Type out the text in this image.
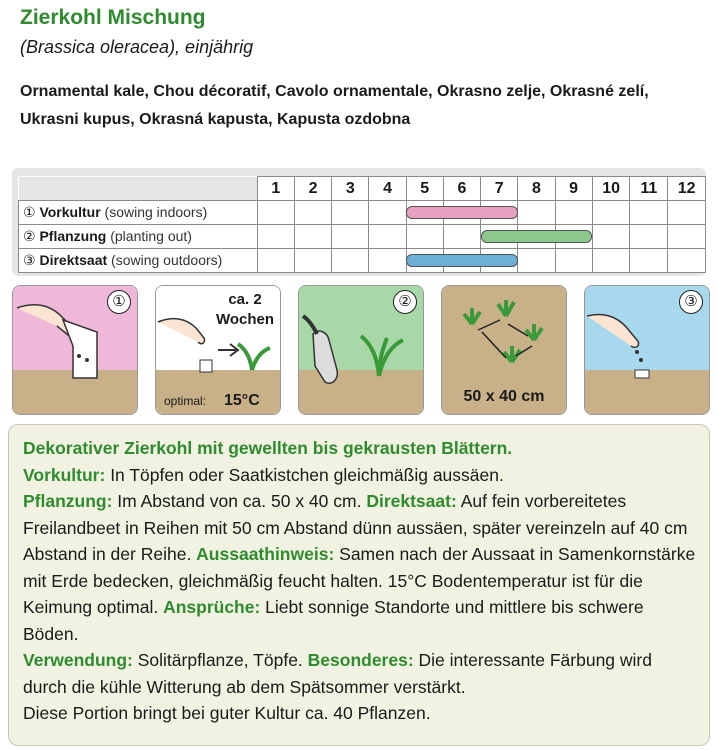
Zierkohl Mischung
(Brassica oleracea), einjährig
Ornamental kale, Chou décoratif, Cavolo ornamentale, Okrasno zelje, Okrasné zelí, Ukrasni kupus, Okrasná kapusta, Kapusta ozdobna
	1	2	3	4	5	6	7	8	9	10	11	12
① Vorkultur (sowing indoors)												
② Pflanzung (planting out)												
③ Direktsaat (sowing outdoors)												
①	ca. 2
Wochen
optimal: 15°C
②
50 x 40 cm
③

Dekorativer Zierkohl mit gewellten bis gekrausten Blättern.
Vorkultur: In Töpfen oder Saatkistchen gleichmäßig aussäen.
Pflanzung: Im Abstand von ca. 50 x 40 cm. Direktsaat: Auf fein vorbereitetes Freilandbeet in Reihen mit 50 cm Abstand dünn aussäen, später vereinzeln auf 40 cm Abstand in der Reihe. Aussaathinweis: Samen nach der Aussaat in Samenkornstärke mit Erde bedecken, gleichmäßig feucht halten. 15°C Bodentemperatur ist für die Keimung optimal. Ansprüche: Liebt sonnige Standorte und mittlere bis schwere Böden.
Verwendung: Solitärpflanze, Töpfe. Besonderes: Die interessante Färbung wird durch die kühle Witterung ab dem Spätsommer verstärkt.
Diese Portion bringt bei guter Kultur ca. 40 Pflanzen.
